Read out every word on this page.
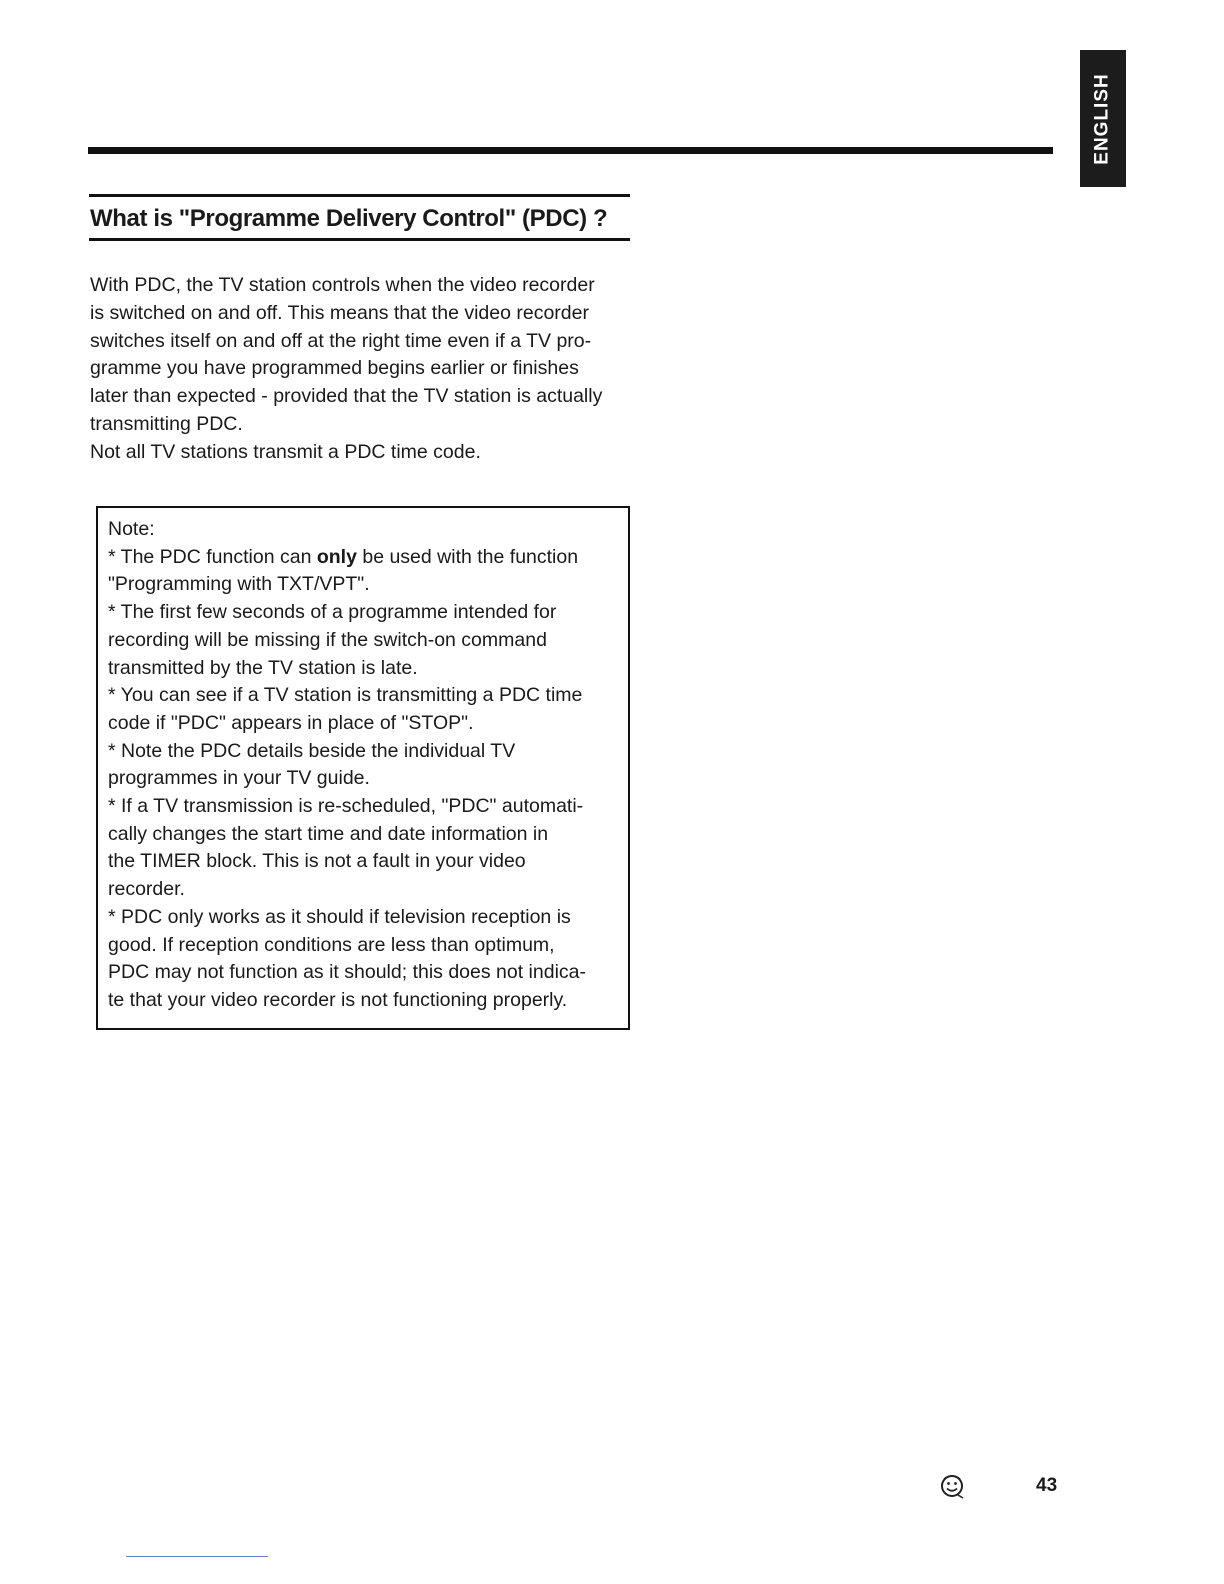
ENGLISH
What is "Programme Delivery Control" (PDC) ?

With PDC, the TV station controls when the video recorder

is switched on and off. This means that the video recorder

switches itself on and off at the right time even if a TV pro-

gramme you have programmed begins earlier or finishes

later than expected - provided that the TV station is actually

transmitting PDC.

Not all TV stations transmit a PDC time code.

Note:

* The PDC function can only be used with the function

"Programming with TXT/VPT".

* The first few seconds of a programme intended for

recording will be missing if the switch-on command

transmitted by the TV station is late.

* You can see if a TV station is transmitting a PDC time

code if "PDC" appears in place of "STOP".

* Note the PDC details beside the individual TV

programmes in your TV guide.

* If a TV transmission is re-scheduled, "PDC" automati-

cally changes the start time and date information in

the TIMER block. This is not a fault in your video

recorder.

* PDC only works as it should if television reception is

good. If reception conditions are less than optimum,

PDC may not function as it should; this does not indica-

te that your video recorder is not functioning properly.

43
